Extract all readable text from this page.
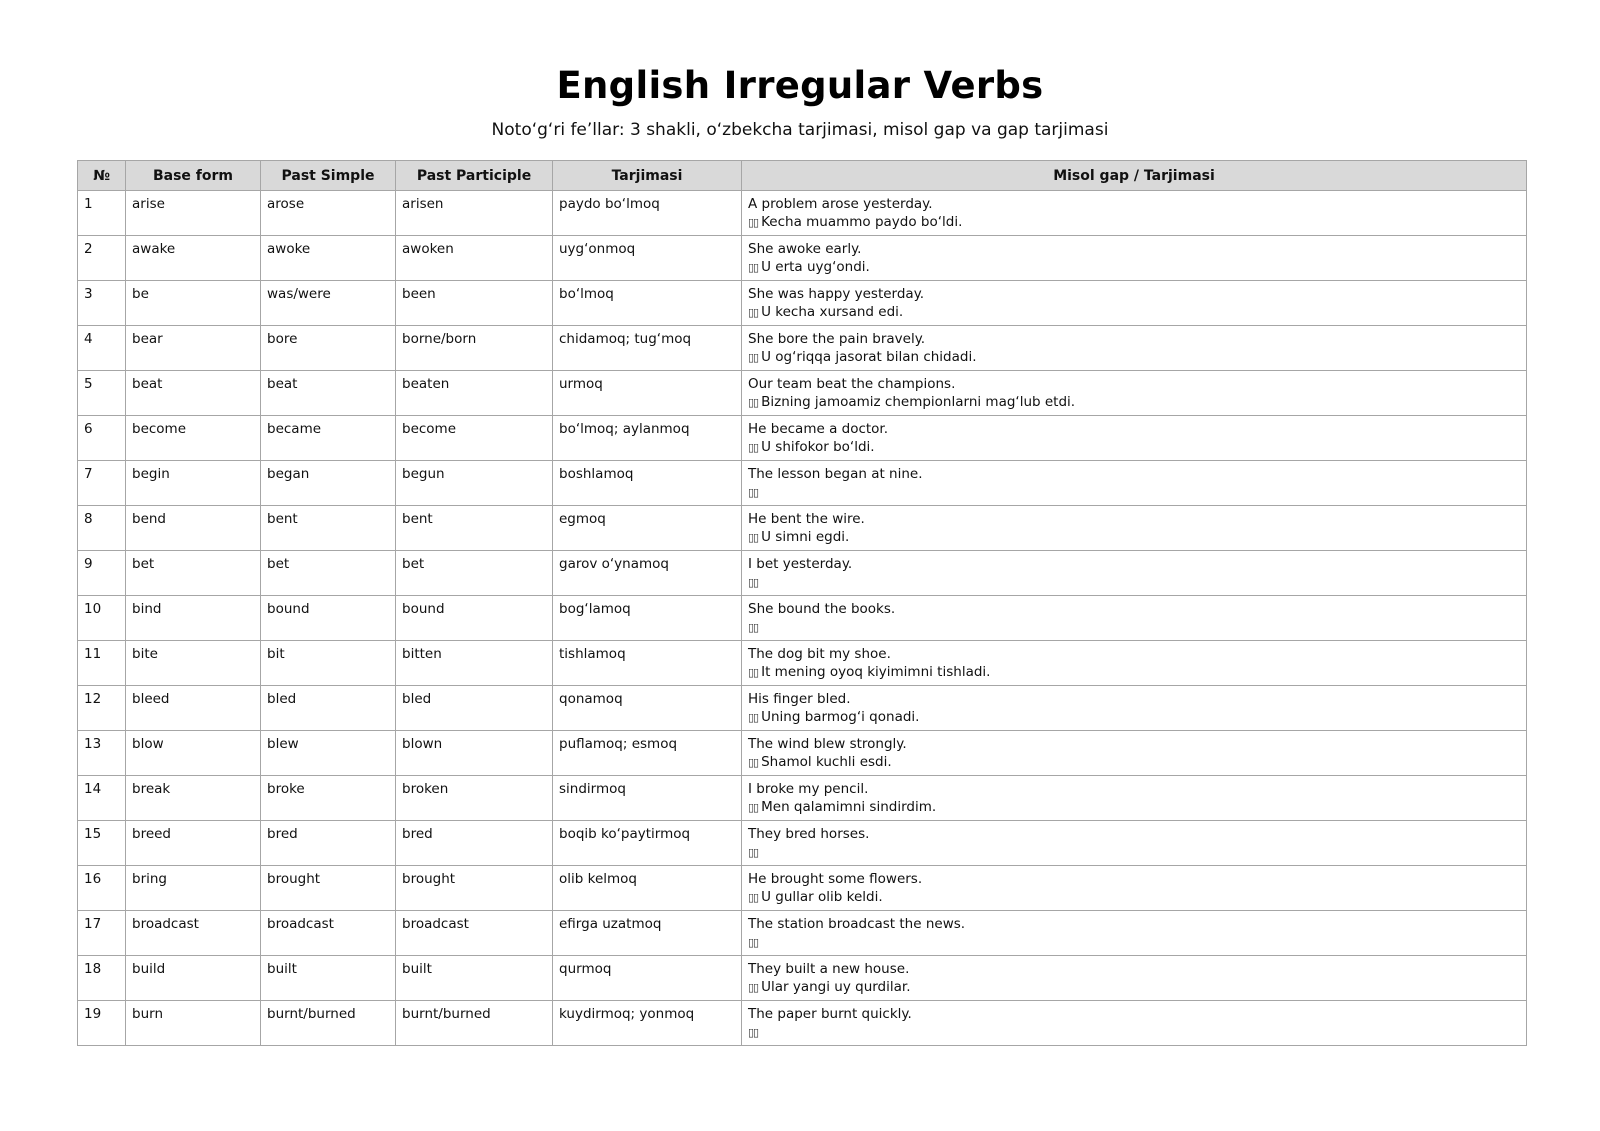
English Irregular Verbs
Noto‘g‘ri fe’llar: 3 shakli, o‘zbekcha tarjimasi, misol gap va gap tarjimasi
№	Base form	Past Simple	Past Participle	Tarjimasi	Misol gap / Tarjimasi
1	arise	arose	arisen	paydo bo‘lmoq	A problem arose yesterday.
▯▯ Kecha muammo paydo bo‘ldi.

2	awake	awoke	awoken	uyg‘onmoq	She awoke early.
▯▯ U erta uyg‘ondi.

3	be	was/were	been	bo‘lmoq	She was happy yesterday.
▯▯ U kecha xursand edi.

4	bear	bore	borne/born	chidamoq; tug‘moq	She bore the pain bravely.
▯▯ U og‘riqqa jasorat bilan chidadi.

5	beat	beat	beaten	urmoq	Our team beat the champions.
▯▯ Bizning jamoamiz chempionlarni mag‘lub etdi.

6	become	became	become	bo‘lmoq; aylanmoq	He became a doctor.
▯▯ U shifokor bo‘ldi.

7	begin	began	begun	boshlamoq	The lesson began at nine.
▯▯

8	bend	bent	bent	egmoq	He bent the wire.
▯▯ U simni egdi.

9	bet	bet	bet	garov o‘ynamoq	I bet yesterday.
▯▯

10	bind	bound	bound	bog‘lamoq	She bound the books.
▯▯

11	bite	bit	bitten	tishlamoq	The dog bit my shoe.
▯▯ It mening oyoq kiyimimni tishladi.

12	bleed	bled	bled	qonamoq	His finger bled.
▯▯ Uning barmog‘i qonadi.

13	blow	blew	blown	puflamoq; esmoq	The wind blew strongly.
▯▯ Shamol kuchli esdi.

14	break	broke	broken	sindirmoq	I broke my pencil.
▯▯ Men qalamimni sindirdim.

15	breed	bred	bred	boqib ko‘paytirmoq	They bred horses.
▯▯

16	bring	brought	brought	olib kelmoq	He brought some flowers.
▯▯ U gullar olib keldi.

17	broadcast	broadcast	broadcast	efirga uzatmoq	The station broadcast the news.
▯▯

18	build	built	built	qurmoq	They built a new house.
▯▯ Ular yangi uy qurdilar.

19	burn	burnt/burned	burnt/burned	kuydirmoq; yonmoq	The paper burnt quickly.
▯▯
